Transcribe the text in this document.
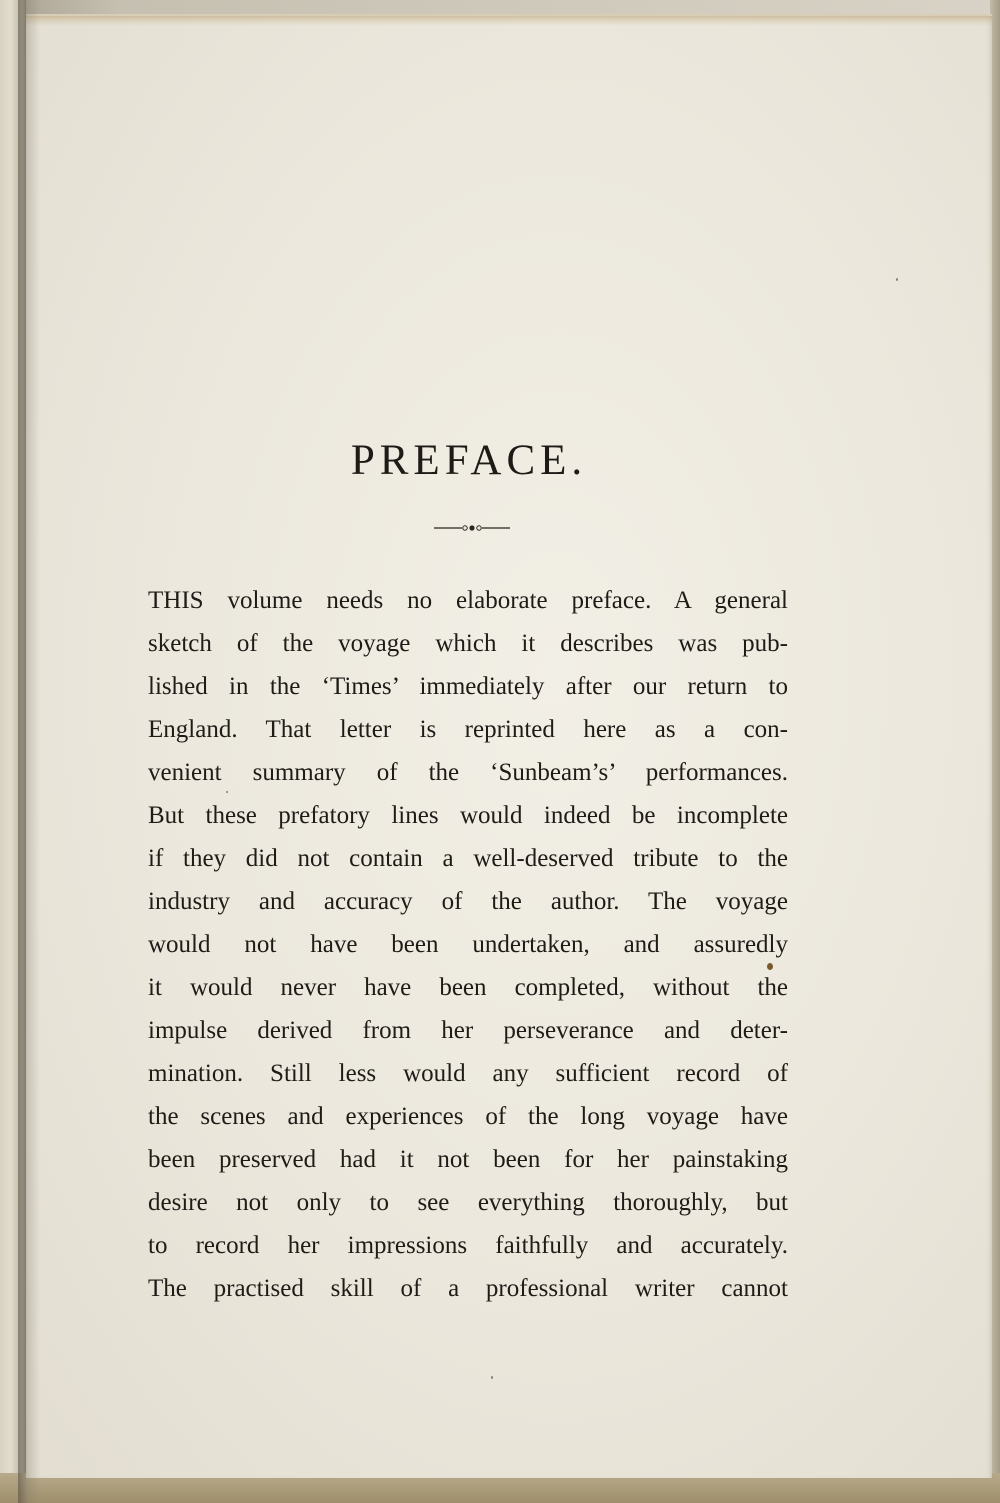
PREFACE.
THIS volume needs no elaborate preface. A general
sketch of the voyage which it describes was pub-
lished in the ‘Times’ immediately after our return to
England. That letter is reprinted here as a con-
venient summary of the ‘Sunbeam’s’ performances.
But these prefatory lines would indeed be incomplete
if they did not contain a well-deserved tribute to the
industry and accuracy of the author. The voyage
would not have been undertaken, and assuredly
it would never have been completed, without the
impulse derived from her perseverance and deter-
mination. Still less would any sufficient record of
the scenes and experiences of the long voyage have
been preserved had it not been for her painstaking
desire not only to see everything thoroughly, but
to record her impressions faithfully and accurately.
The practised skill of a professional writer cannot
